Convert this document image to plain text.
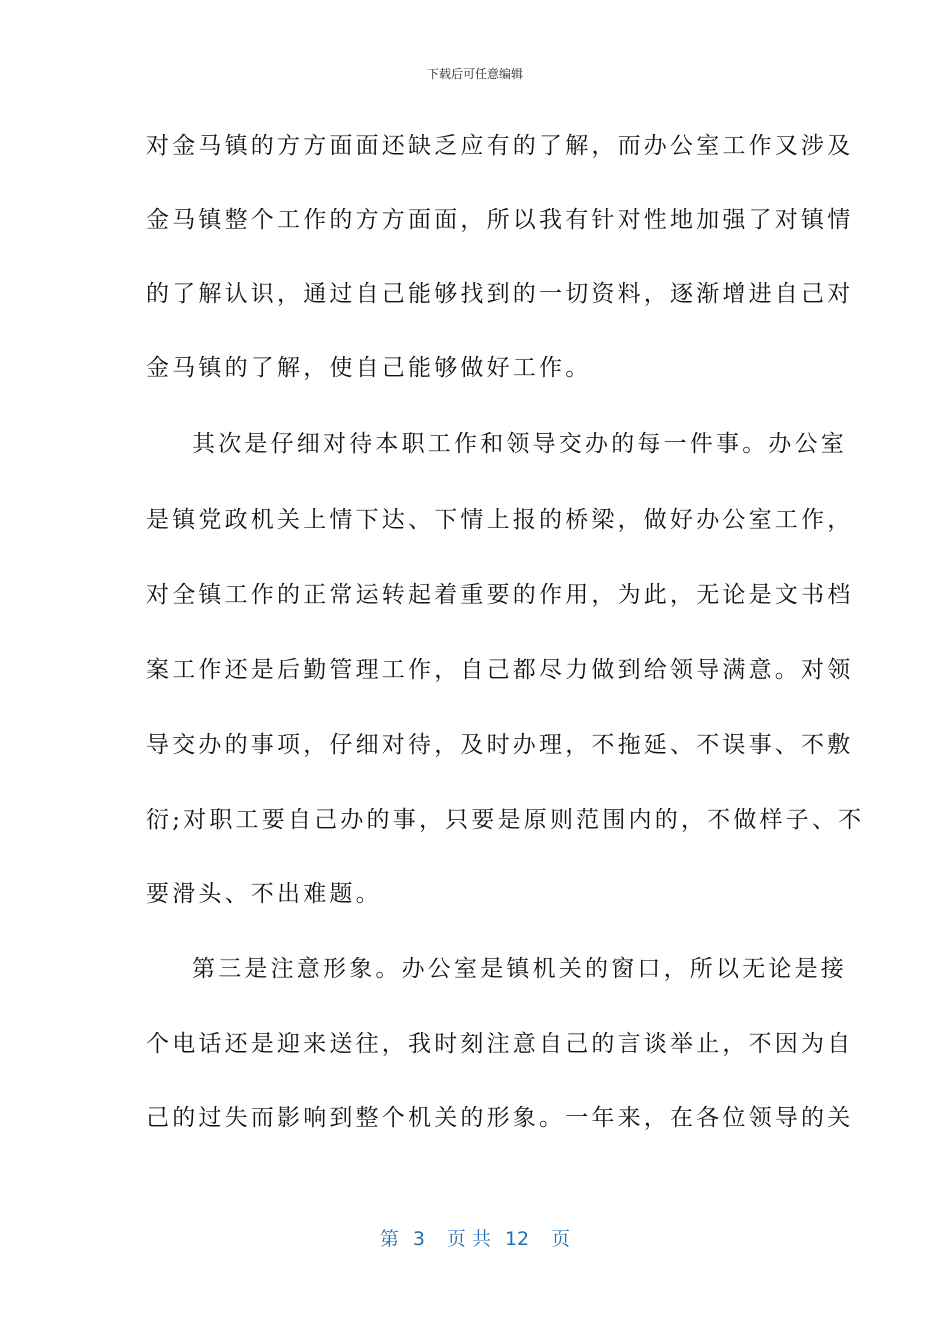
下载后可任意编辑
对金马镇的方方面面还缺乏应有的了解，而办公室工作又涉及
金马镇整个工作的方方面面，所以我有针对性地加强了对镇情
的了解认识，通过自己能够找到的一切资料，逐渐增进自己对
金马镇的了解，使自己能够做好工作。
其次是仔细对待本职工作和领导交办的每一件事。办公室
是镇党政机关上情下达、下情上报的桥梁，做好办公室工作，
对全镇工作的正常运转起着重要的作用，为此，无论是文书档
案工作还是后勤管理工作，自己都尽力做到给领导满意。对领
导交办的事项，仔细对待，及时办理，不拖延、不误事、不敷
衍;对职工要自己办的事，只要是原则范围内的，不做样子、不
要滑头、不出难题。
第三是注意形象。办公室是镇机关的窗口，所以无论是接
个电话还是迎来送往，我时刻注意自己的言谈举止，不因为自
己的过失而影响到整个机关的形象。一年来，在各位领导的关
第 3 页 共 12 页
